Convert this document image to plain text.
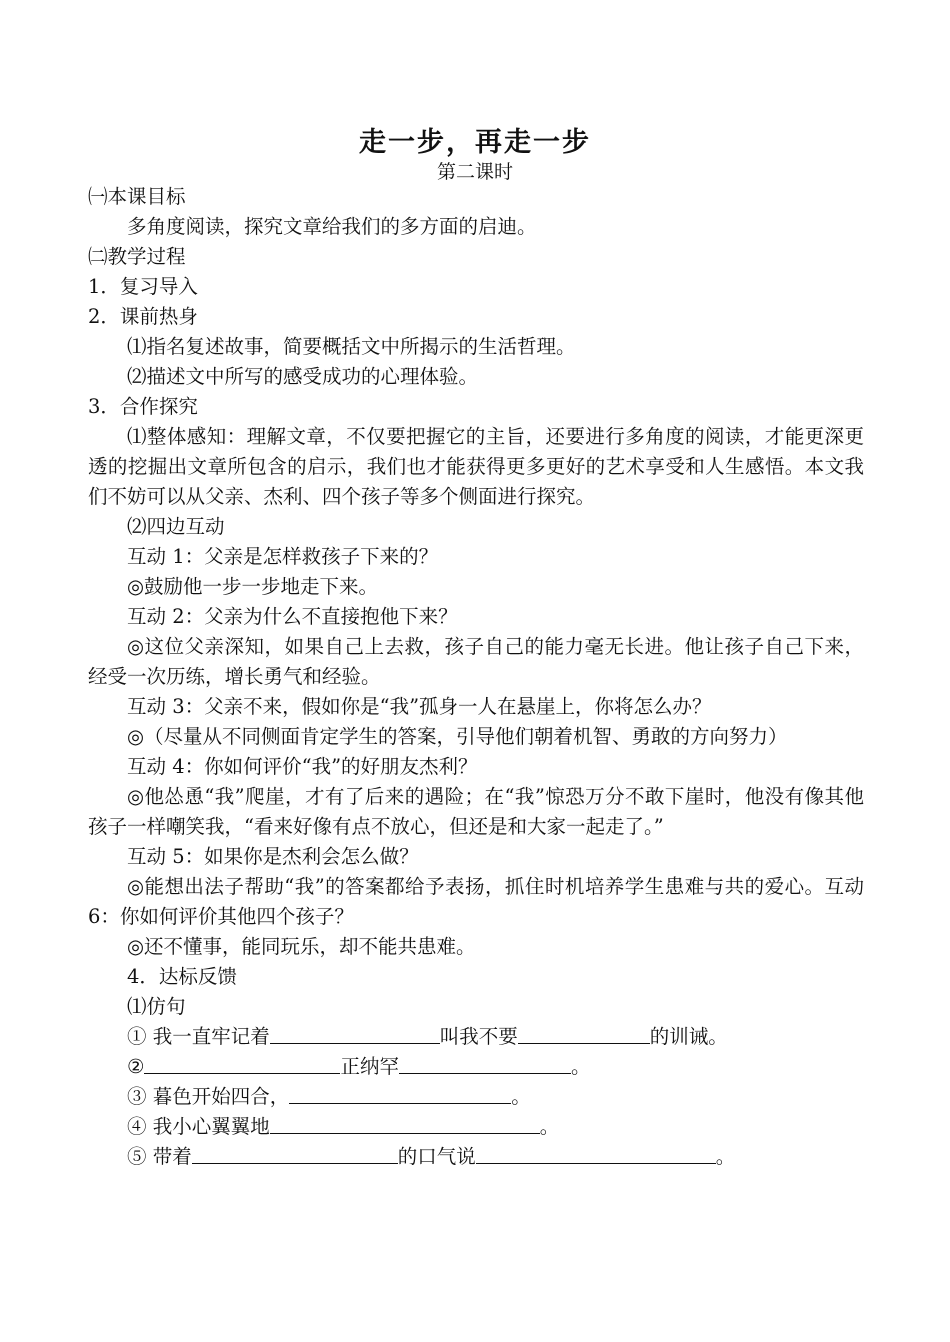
走一步，再走一步
第二课时
㈠本课目标
多角度阅读，探究文章给我们的多方面的启迪。
㈡教学过程
1．复习导入
2．课前热身
⑴指名复述故事，简要概括文中所揭示的生活哲理。
⑵描述文中所写的感受成功的心理体验。
3．合作探究
⑴整体感知：理解文章，不仅要把握它的主旨，还要进行多角度的阅读，才能更深更透的挖掘出文章所包含的启示，我们也才能获得更多更好的艺术享受和人生感悟。本文我们不妨可以从父亲、杰利、四个孩子等多个侧面进行探究。
⑵四边互动
互动 1：父亲是怎样救孩子下来的？
◎鼓励他一步一步地走下来。
互动 2：父亲为什么不直接抱他下来？
◎这位父亲深知，如果自己上去救，孩子自己的能力毫无长进。他让孩子自己下来，经受一次历练，增长勇气和经验。
互动 3：父亲不来，假如你是“我”孤身一人在悬崖上，你将怎么办？
◎（尽量从不同侧面肯定学生的答案，引导他们朝着机智、勇敢的方向努力）
互动 4：你如何评价“我”的好朋友杰利？
◎他怂恿“我”爬崖，才有了后来的遇险；在“我”惊恐万分不敢下崖时，他没有像其他孩子一样嘲笑我，“看来好像有点不放心，但还是和大家一起走了。”
互动 5：如果你是杰利会怎么做？
◎能想出法子帮助“我”的答案都给予表扬，抓住时机培养学生患难与共的爱心。互动 6：你如何评价其他四个孩子？
◎还不懂事，能同玩乐，却不能共患难。
4．达标反馈
⑴仿句
① 我一直牢记着	叫我不要	的训诫。
②	正纳罕	。
③ 暮色开始四合，	。
④ 我小心翼翼地	。
⑤ 带着	的口气说	。
